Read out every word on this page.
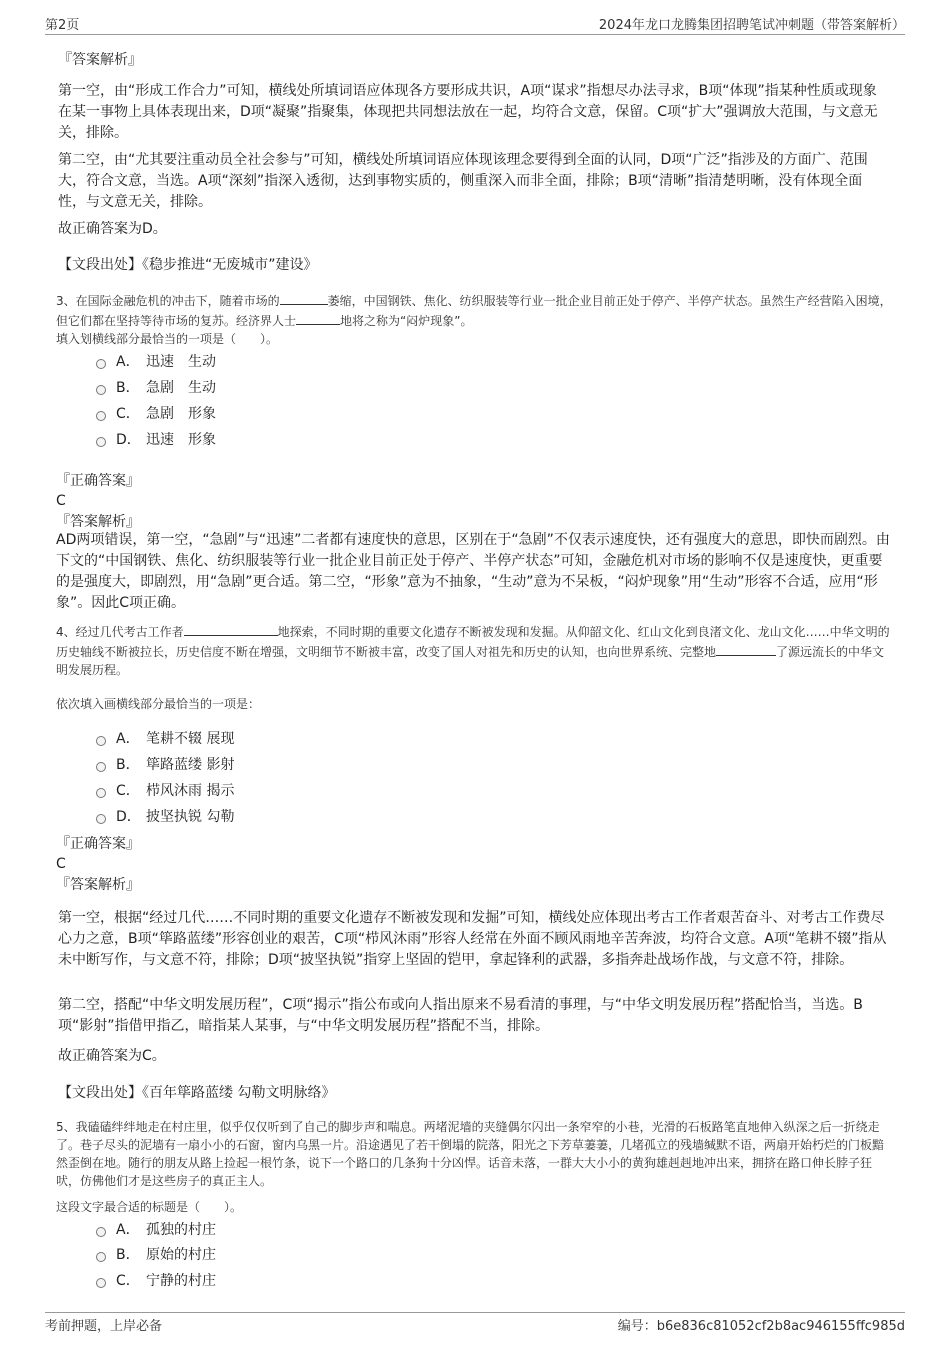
第2页	2024年龙口龙腾集团招聘笔试冲刺题（带答案解析）
『答案解析』
第一空，由“形成工作合力”可知，横线处所填词语应体现各方要形成共识，A项“谋求”指想尽办法寻求，B项“体现”指某种性质或现象在某一事物上具体表现出来，D项“凝聚”指聚集，体现把共同想法放在一起，均符合文意，保留。C项“扩大”强调放大范围，与文意无关，排除。
第二空，由“尤其要注重动员全社会参与”可知，横线处所填词语应体现该理念要得到全面的认同，D项“广泛”指涉及的方面广、范围大，符合文意，当选。A项“深刻”指深入透彻，达到事物实质的，侧重深入而非全面，排除；B项“清晰”指清楚明晰，没有体现全面性，与文意无关，排除。
故正确答案为D。
【文段出处】《稳步推进“无废城市”建设》
3、在国际金融危机的冲击下，随着市场的	萎缩，中国钢铁、焦化、纺织服装等行业一批企业目前正处于停产、半停产状态。虽然生产经营陷入困境，但它们都在坚持等待市场的复苏。经济界人士	地将之称为“闷炉现象”。
填入划横线部分最恰当的一项是（　　）。
A． 迅速　生动
B． 急剧　生动
C． 急剧　形象
D． 迅速　形象
『正确答案』
C
『答案解析』
AD两项错误，第一空，“急剧”与“迅速”二者都有速度快的意思，区别在于“急剧”不仅表示速度快，还有强度大的意思，即快而剧烈。由下文的“中国钢铁、焦化、纺织服装等行业一批企业目前正处于停产、半停产状态”可知，金融危机对市场的影响不仅是速度快，更重要的是强度大，即剧烈，用“急剧”更合适。第二空，“形象”意为不抽象，“生动”意为不呆板，“闷炉现象”用“生动”形容不合适，应用“形象”。因此C项正确。
4、经过几代考古工作者	地探索，不同时期的重要文化遗存不断被发现和发掘。从仰韶文化、红山文化到良渚文化、龙山文化……中华文明的历史轴线不断被拉长，历史信度不断在增强，文明细节不断被丰富，改变了国人对祖先和历史的认知，也向世界系统、完整地	了源远流长的中华文明发展历程。
依次填入画横线部分最恰当的一项是：
A． 笔耕不辍 展现
B． 筚路蓝缕 影射
C． 栉风沐雨 揭示
D． 披坚执锐 勾勒
『正确答案』
C
『答案解析』
第一空，根据“经过几代……不同时期的重要文化遗存不断被发现和发掘”可知，横线处应体现出考古工作者艰苦奋斗、对考古工作费尽心力之意，B项“筚路蓝缕”形容创业的艰苦，C项“栉风沐雨”形容人经常在外面不顾风雨地辛苦奔波，均符合文意。A项“笔耕不辍”指从未中断写作，与文意不符，排除；D项“披坚执锐”指穿上坚固的铠甲，拿起锋利的武器，多指奔赴战场作战，与文意不符，排除。
第二空，搭配“中华文明发展历程”，C项“揭示”指公布或向人指出原来不易看清的事理，与“中华文明发展历程”搭配恰当，当选。B项“影射”指借甲指乙，暗指某人某事，与“中华文明发展历程”搭配不当，排除。
故正确答案为C。
【文段出处】《百年筚路蓝缕 勾勒文明脉络》
5、我磕磕绊绊地走在村庄里，似乎仅仅听到了自己的脚步声和喘息。两堵泥墙的夹缝偶尔闪出一条窄窄的小巷，光滑的石板路笔直地伸入纵深之后一折绕走了。巷子尽头的泥墙有一扇小小的石窗，窗内乌黑一片。沿途遇见了若干倒塌的院落，阳光之下芳草萋萋，几堵孤立的残墙缄默不语，两扇开始朽烂的门板黯然歪倒在地。随行的朋友从路上捡起一根竹条，说下一个路口的几条狗十分凶悍。话音未落，一群大大小小的黄狗雄赳赳地冲出来，拥挤在路口伸长脖子狂吠，仿佛他们才是这些房子的真正主人。
这段文字最合适的标题是（　　）。
A． 孤独的村庄
B． 原始的村庄
C． 宁静的村庄
考前押题，上岸必备	编号：b6e836c81052cf2b8ac946155ffc985d
